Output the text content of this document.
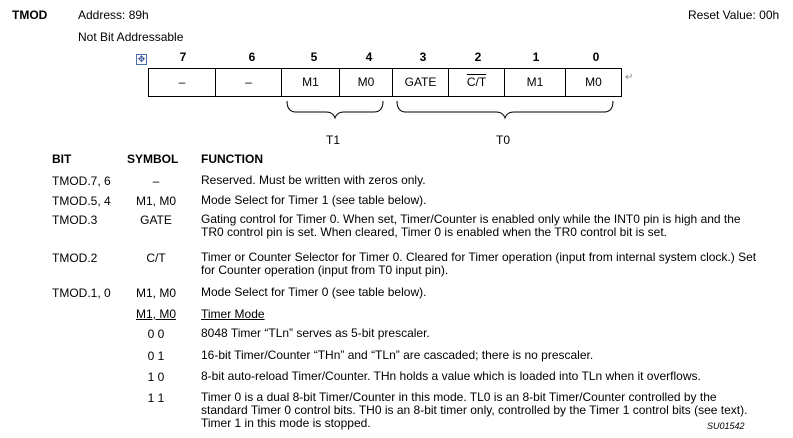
TMOD	Address: 89h	Reset Value: 00h
Not Bit Addressable
✥	7	6	5	4	3	2	1	0
–	–	M1	M0	GATE	C/T	M1	M0	↵
T1	T0
BIT	SYMBOL FUNCTION
TMOD.7, 6	–	Reserved. Must be written with zeros only.
TMOD.5, 4	M1, M0	Mode Select for Timer 1 (see table below).
TMOD.3	GATE	Gating control for Timer 0. When set, Timer/Counter is enabled only while the INT0 pin is high and the TR0 control pin is set. When cleared, Timer 0 is enabled when the TR0 control bit is set.
TMOD.2	C/T	Timer or Counter Selector for Timer 0. Cleared for Timer operation (input from internal system clock.) Set for Counter operation (input from T0 input pin).
TMOD.1, 0	M1, M0	Mode Select for Timer 0 (see table below).
M1, M0	Timer Mode
0 0	8048 Timer “TLn” serves as 5-bit prescaler.
0 1	16-bit Timer/Counter “THn” and “TLn” are cascaded; there is no prescaler.
1 0	8-bit auto-reload Timer/Counter. THn holds a value which is loaded into TLn when it overflows.
1 1	Timer 0 is a dual 8-bit Timer/Counter in this mode. TL0 is an 8-bit Timer/Counter controlled by the standard Timer 0 control bits. TH0 is an 8-bit timer only, controlled by the Timer 1 control bits (see text). Timer 1 in this mode is stopped.	SU01542
